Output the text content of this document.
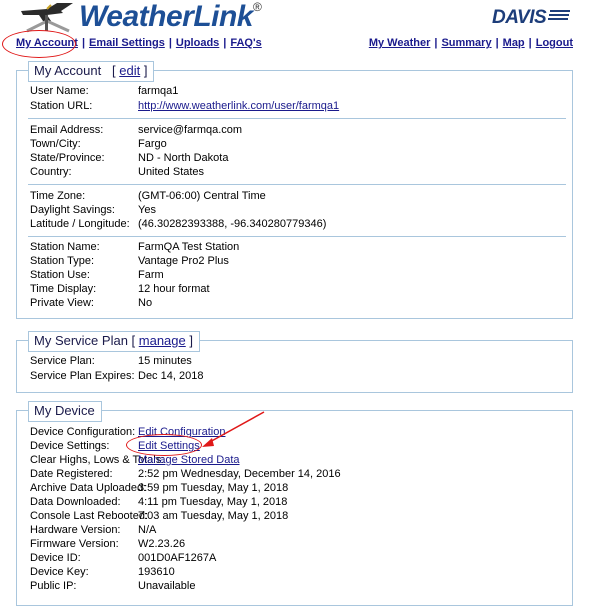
WeatherLink®	DAVIS
My Account | Email Settings | Uploads | FAQ's	My Weather | Summary | Map | Logout
My Account   [ edit ]
User Name:	farmqa1
Station URL:	http://www.weatherlink.com/user/farmqa1
Email Address:	service@farmqa.com
Town/City:	Fargo
State/Province:	ND - North Dakota
Country:	United States
Time Zone:	(GMT-06:00) Central Time
Daylight Savings: Yes
Latitude / Longitude: (46.30282393388, -96.340280779346)
Station Name:	FarmQA Test Station
Station Type:	Vantage Pro2 Plus
Station Use:	Farm
Time Display:	12 hour format
Private View:	No
My Service Plan [ manage ]
Service Plan:	15 minutes
Service Plan Expires: Dec 14, 2018
My Device
Device Configuration: Edit Configuration
Device Settings:	Edit Settings
Clear Highs, Lows & Totals:
Manage Stored Data
Date Registered: 2:52 pm Wednesday, December 14, 2016
Archive Data Uploaded:
3:59 pm Tuesday, May 1, 2018
Data Downloaded: 4:11 pm Tuesday, May 1, 2018
Console Last Rebooted:
7:03 am Tuesday, May 1, 2018
Hardware Version: N/A
Firmware Version: W2.23.26
Device ID:	001D0AF1267A
Device Key:	193610
Public IP:	Unavailable
